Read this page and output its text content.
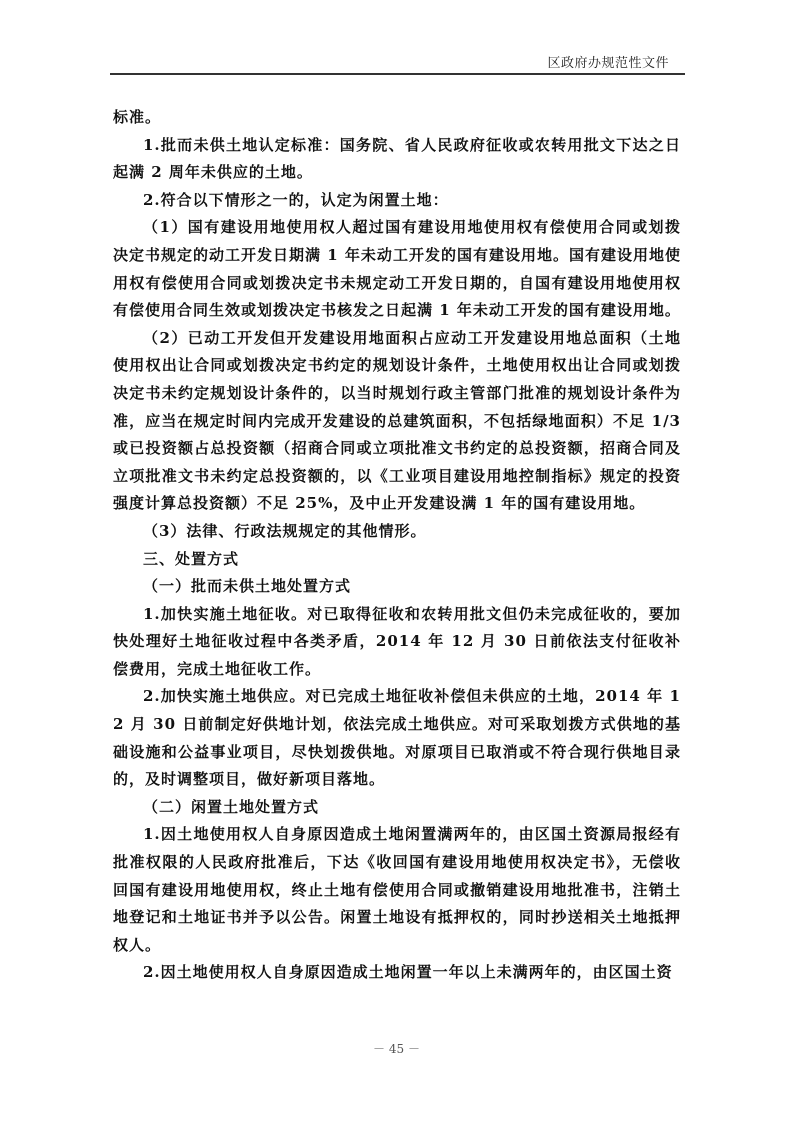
区政府办规范性文件

标准。

1.批而未供土地认定标准：国务院、省人民政府征收或农转用批文下达之日起满 2 周年未供应的土地。

2.符合以下情形之一的，认定为闲置土地：

（1）国有建设用地使用权人超过国有建设用地使用权有偿使用合同或划拨决定书规定的动工开发日期满 1 年未动工开发的国有建设用地。国有建设用地使用权有偿使用合同或划拨决定书未规定动工开发日期的，自国有建设用地使用权有偿使用合同生效或划拨决定书核发之日起满 1 年未动工开发的国有建设用地。

（2）已动工开发但开发建设用地面积占应动工开发建设用地总面积（土地使用权出让合同或划拨决定书约定的规划设计条件，土地使用权出让合同或划拨决定书未约定规划设计条件的，以当时规划行政主管部门批准的规划设计条件为准，应当在规定时间内完成开发建设的总建筑面积，不包括绿地面积）不足 1/3 或已投资额占总投资额（招商合同或立项批准文书约定的总投资额，招商合同及立项批准文书未约定总投资额的，以《工业项目建设用地控制指标》规定的投资强度计算总投资额）不足 25%，及中止开发建设满 1 年的国有建设用地。

（3）法律、行政法规规定的其他情形。

三、处置方式

（一）批而未供土地处置方式

1.加快实施土地征收。对已取得征收和农转用批文但仍未完成征收的，要加快处理好土地征收过程中各类矛盾，2014 年 12 月 30 日前依法支付征收补偿费用，完成土地征收工作。

2.加快实施土地供应。对已完成土地征收补偿但未供应的土地，2014 年 12 月 30 日前制定好供地计划，依法完成土地供应。对可采取划拨方式供地的基础设施和公益事业项目，尽快划拨供地。对原项目已取消或不符合现行供地目录的，及时调整项目，做好新项目落地。

（二）闲置土地处置方式

1.因土地使用权人自身原因造成土地闲置满两年的，由区国土资源局报经有批准权限的人民政府批准后，下达《收回国有建设用地使用权决定书》，无偿收回国有建设用地使用权，终止土地有偿使用合同或撤销建设用地批准书，注销土地登记和土地证书并予以公告。闲置土地设有抵押权的，同时抄送相关土地抵押权人。

2.因土地使用权人自身原因造成土地闲置一年以上未满两年的，由区国土资

－ 45 －
